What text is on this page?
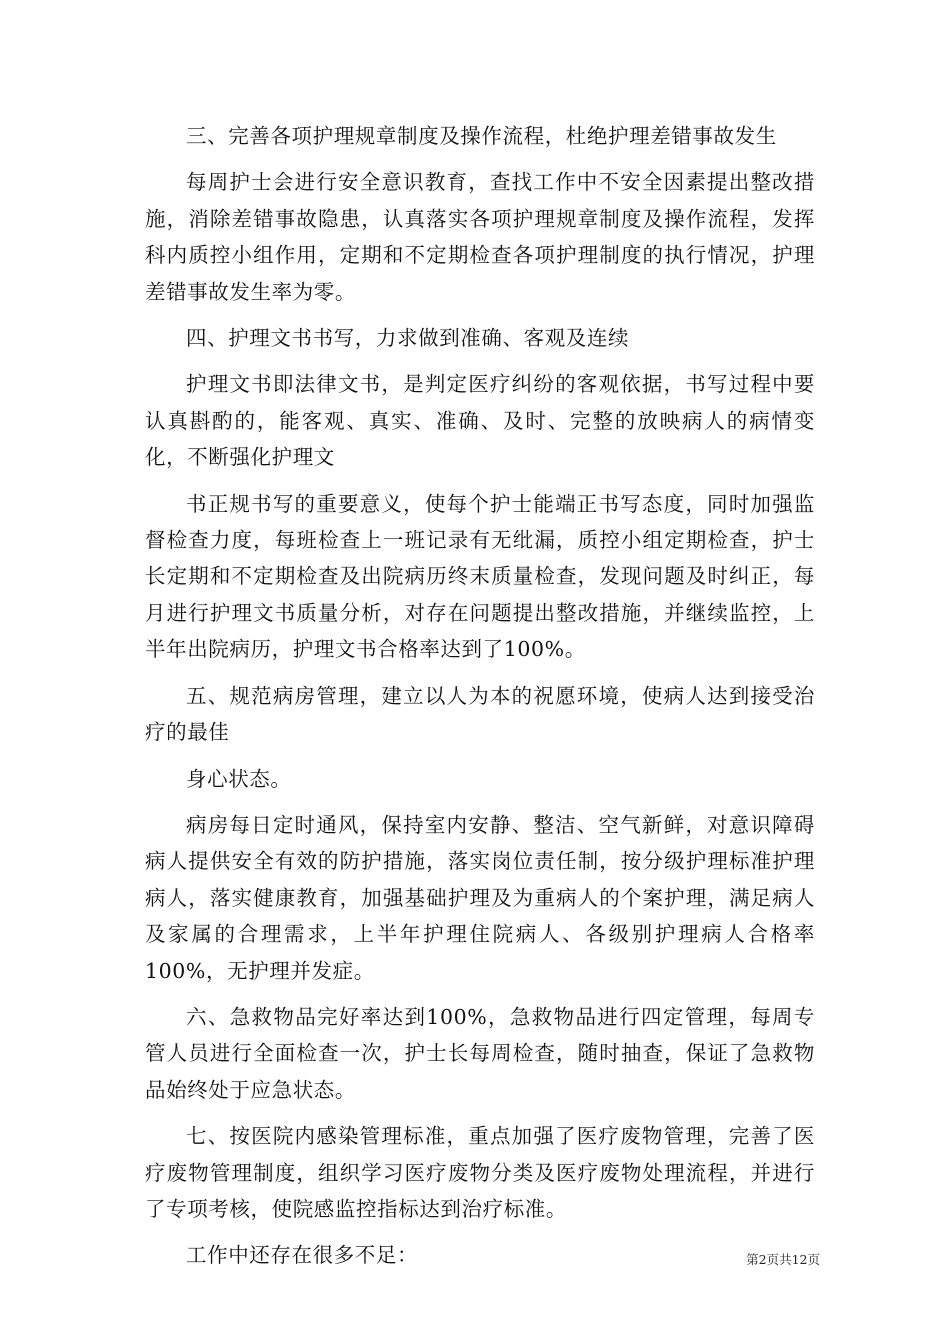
三、完善各项护理规章制度及操作流程，杜绝护理差错事故发生

每周护士会进行安全意识教育，查找工作中不安全因素提出整改措施，消除差错事故隐患，认真落实各项护理规章制度及操作流程，发挥科内质控小组作用，定期和不定期检查各项护理制度的执行情况，护理差错事故发生率为零。

四、护理文书书写，力求做到准确、客观及连续

护理文书即法律文书，是判定医疗纠纷的客观依据，书写过程中要认真斟酌的，能客观、真实、准确、及时、完整的放映病人的病情变化，不断强化护理文

书正规书写的重要意义，使每个护士能端正书写态度，同时加强监督检查力度，每班检查上一班记录有无纰漏，质控小组定期检查，护士长定期和不定期检查及出院病历终末质量检查，发现问题及时纠正，每月进行护理文书质量分析，对存在问题提出整改措施，并继续监控，上半年出院病历，护理文书合格率达到了100%。

五、规范病房管理，建立以人为本的祝愿环境，使病人达到接受治疗的最佳

身心状态。

病房每日定时通风，保持室内安静、整洁、空气新鲜，对意识障碍病人提供安全有效的防护措施，落实岗位责任制，按分级护理标准护理病人，落实健康教育，加强基础护理及为重病人的个案护理，满足病人及家属的合理需求，上半年护理住院病人、各级别护理病人合格率100%，无护理并发症。

六、急救物品完好率达到100%，急救物品进行四定管理，每周专管人员进行全面检查一次，护士长每周检查，随时抽查，保证了急救物品始终处于应急状态。

七、按医院内感染管理标准，重点加强了医疗废物管理，完善了医疗废物管理制度，组织学习医疗废物分类及医疗废物处理流程，并进行了专项考核，使院感监控指标达到治疗标准。

工作中还存在很多不足：	第2页共12页
